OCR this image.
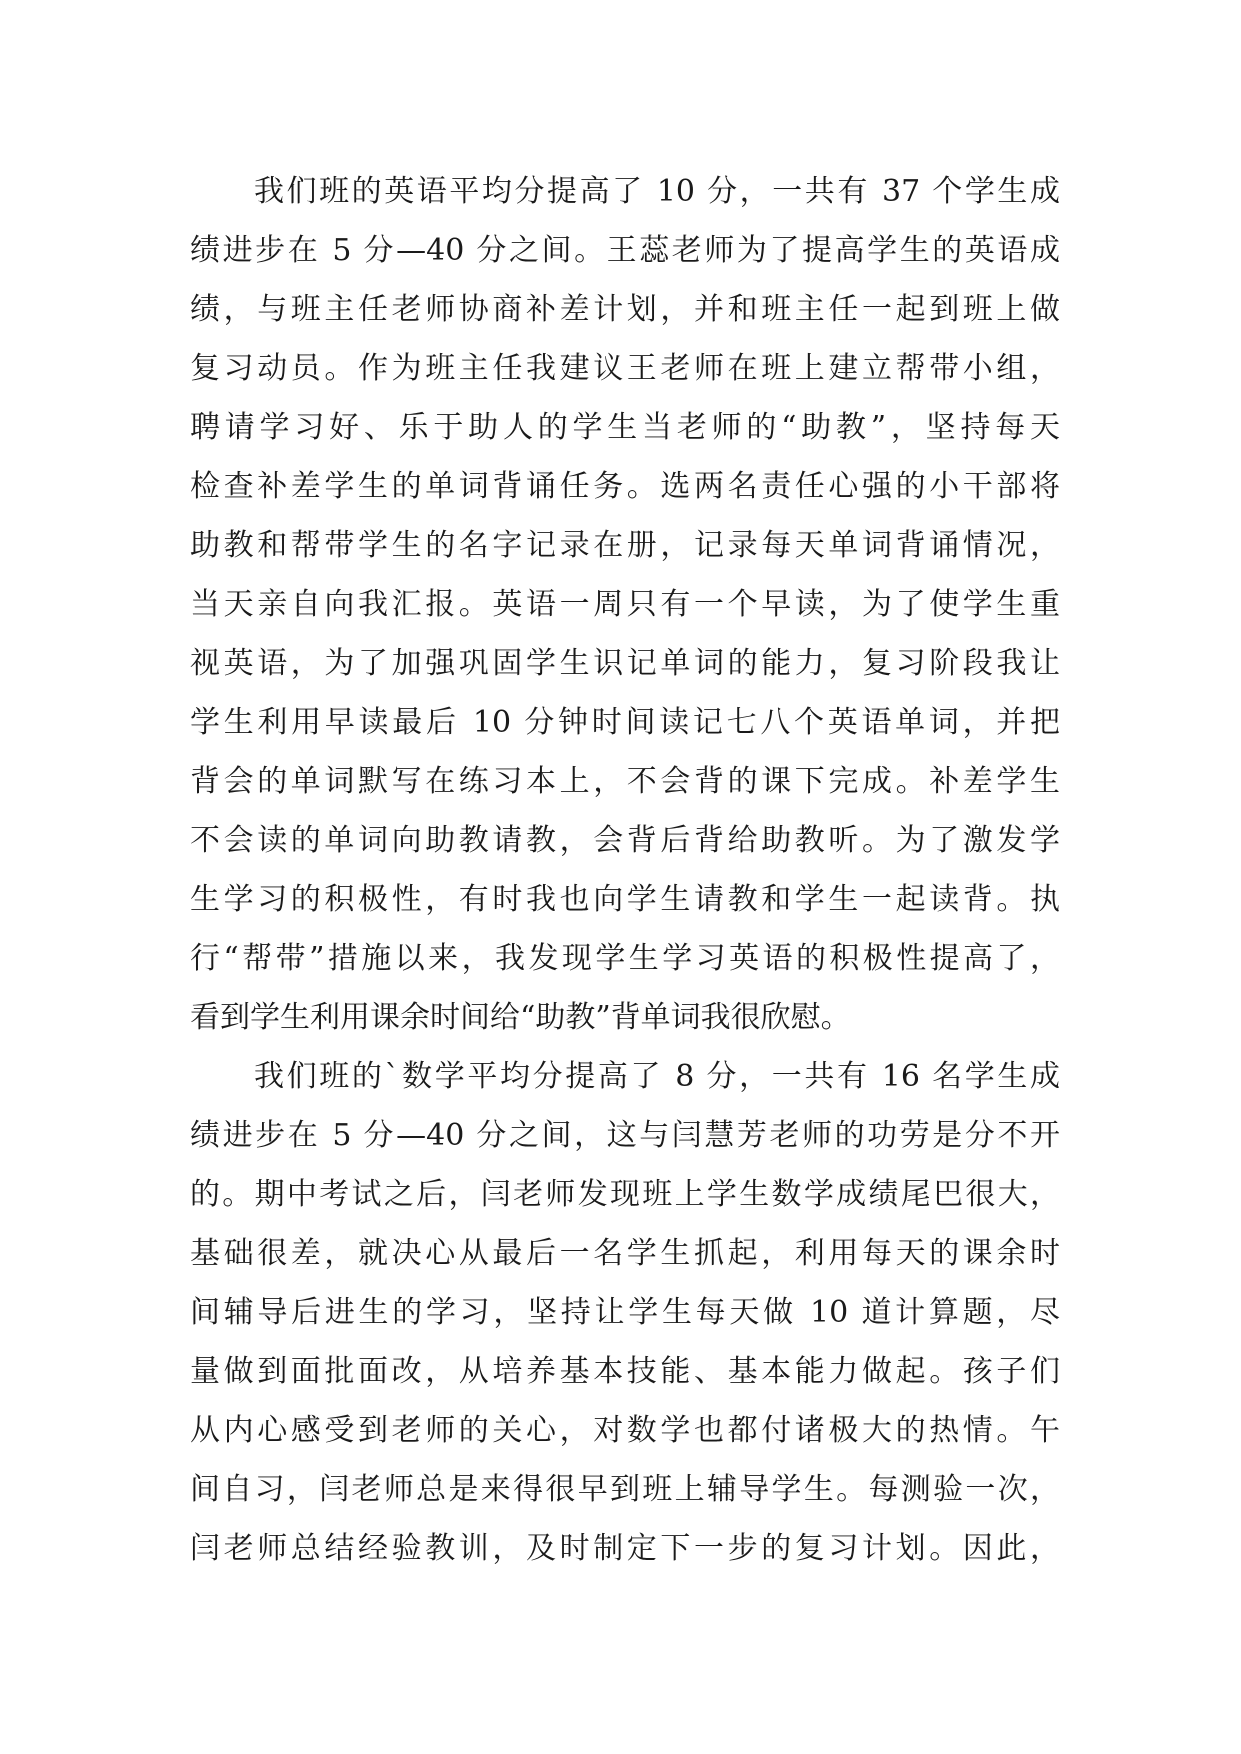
我们班的英语平均分提高了 10 分，一共有 37 个学生成
绩进步在 5 分—40 分之间。王蕊老师为了提高学生的英语成
绩，与班主任老师协商补差计划，并和班主任一起到班上做
复习动员。作为班主任我建议王老师在班上建立帮带小组，
聘请学习好、乐于助人的学生当老师的“助教”，坚持每天
检查补差学生的单词背诵任务。选两名责任心强的小干部将
助教和帮带学生的名字记录在册，记录每天单词背诵情况，
当天亲自向我汇报。英语一周只有一个早读，为了使学生重
视英语，为了加强巩固学生识记单词的能力，复习阶段我让
学生利用早读最后 10 分钟时间读记七八个英语单词，并把
背会的单词默写在练习本上，不会背的课下完成。补差学生
不会读的单词向助教请教，会背后背给助教听。为了激发学
生学习的积极性，有时我也向学生请教和学生一起读背。执
行“帮带”措施以来，我发现学生学习英语的积极性提高了，
看到学生利用课余时间给“助教”背单词我很欣慰。
我们班的`数学平均分提高了 8 分，一共有 16 名学生成
绩进步在 5 分—40 分之间，这与闫慧芳老师的功劳是分不开
的。期中考试之后，闫老师发现班上学生数学成绩尾巴很大，
基础很差，就决心从最后一名学生抓起，利用每天的课余时
间辅导后进生的学习，坚持让学生每天做 10 道计算题，尽
量做到面批面改，从培养基本技能、基本能力做起。孩子们
从内心感受到老师的关心，对数学也都付诸极大的热情。午
间自习，闫老师总是来得很早到班上辅导学生。每测验一次，
闫老师总结经验教训，及时制定下一步的复习计划。因此，
